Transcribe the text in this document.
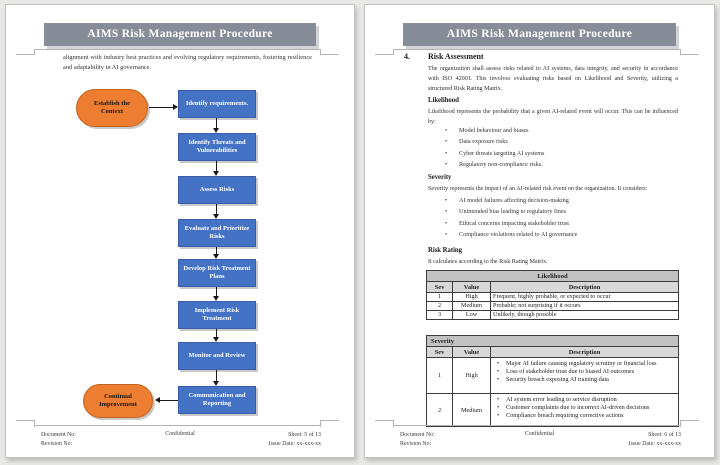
AIMS Risk Management Procedure

alignment with industry best practices and evolving regulatory requirements, fostering resilience and adaptability in AI governance.

Establish the Context
Identify requirements.
Identify Threats and Vulnerabilities
Assess Risks
Evaluate and Prioritize Risks
Develop Risk Treatment Plans
Implement Risk Treatment
Monitor and Review
Communication and Reporting
Continual Improvement
Document No:
Revision No:
Confidential	Sheet: 5 of 13
Issue Date: xx-xxx-xx
AIMS Risk Management Procedure
4. Risk Assessment

The organization shall assess risks related to AI systems, data integrity, and security in accordance with ISO 42001. This involves evaluating risks based on Likelihood and Severity, utilizing a structured Risk Rating Matrix.

Likelihood

Likelihood represents the probability that a given AI-related event will occur. This can be influenced by:

• Model behaviour and biases
• Data exposure risks
• Cyber threats targeting AI systems
• Regulatory non-compliance risks.
Severity

Severity represents the impact of an AI-related risk event on the organization. It considers:

• AI model failures affecting decision-making
• Unintended bias leading to regulatory fines
• Ethical concerns impacting stakeholder trust
• Compliance violations related to AI governance
Risk Rating

It calculates according to the Risk Rating Matrix.

Likelihood		
Sev	Value	Description
1	High	Frequent, highly probable, or expected to occur
2	Medium	Probable; not surprising if it occurs
3	Low	Unlikely, though possible
Severity		
Sev	Value	Description
1	High	• Major AI failure causing regulatory scrutiny or financial loss
• Loss of stakeholder trust due to biased AI outcomes
• Security breach exposing AI training data

2	Medium	• AI system error leading to service disruption
• Customer complaints due to incorrect AI-driven decisions
• Compliance breach requiring corrective actions
Document No:
Revision No:
Confidential	Sheet: 6 of 13
Issue Date: xx-xxx-xx
